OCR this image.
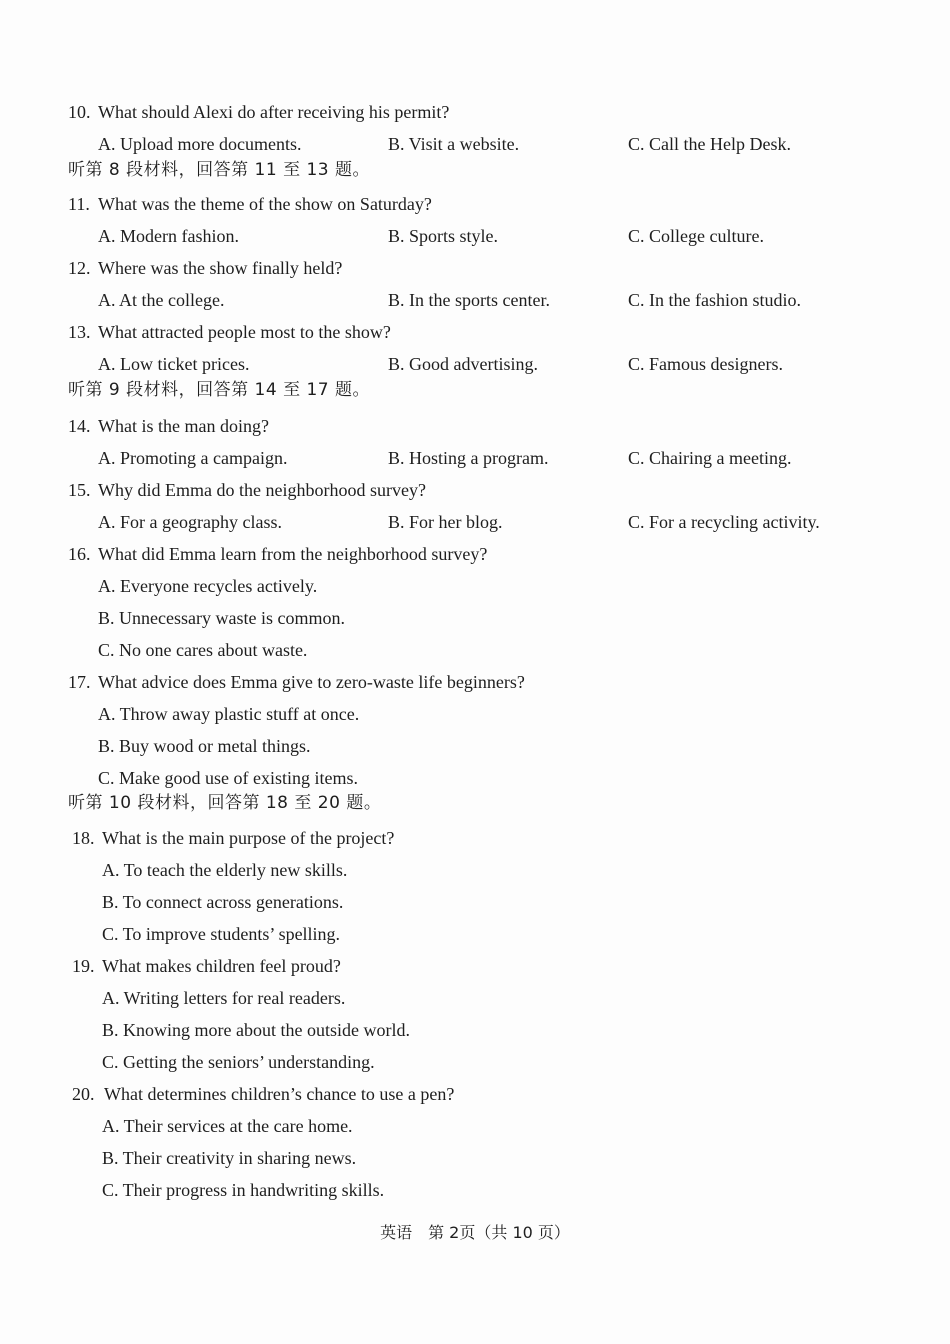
10. What should Alexi do after receiving his permit?
A. Upload more documents.	B. Visit a website.	C. Call the Help Desk.
听第 8 段材料，回答第 11 至 13 题。
11. What was the theme of the show on Saturday?
A. Modern fashion.	B. Sports style.	C. College culture.
12. Where was the show finally held?
A. At the college.	B. In the sports center.	C. In the fashion studio.
13. What attracted people most to the show?
A. Low ticket prices.	B. Good advertising.	C. Famous designers.
听第 9 段材料，回答第 14 至 17 题。
14. What is the man doing?
A. Promoting a campaign.	B. Hosting a program.	C. Chairing a meeting.
15. Why did Emma do the neighborhood survey?
A. For a geography class.	B. For her blog.	C. For a recycling activity.
16. What did Emma learn from the neighborhood survey?
A. Everyone recycles actively.
B. Unnecessary waste is common.
C. No one cares about waste.
17. What advice does Emma give to zero-waste life beginners?
A. Throw away plastic stuff at once.
B. Buy wood or metal things.
C. Make good use of existing items.
听第 10 段材料，回答第 18 至 20 题。
18. What is the main purpose of the project?
A. To teach the elderly new skills.
B. To connect across generations.
C. To improve students’ spelling.
19. What makes children feel proud?
A. Writing letters for real readers.
B. Knowing more about the outside world.
C. Getting the seniors’ understanding.
20. What determines children’s chance to use a pen?
A. Their services at the care home.
B. Their creativity in sharing news.
C. Their progress in handwriting skills.
英语　第 2页（共 10 页）
